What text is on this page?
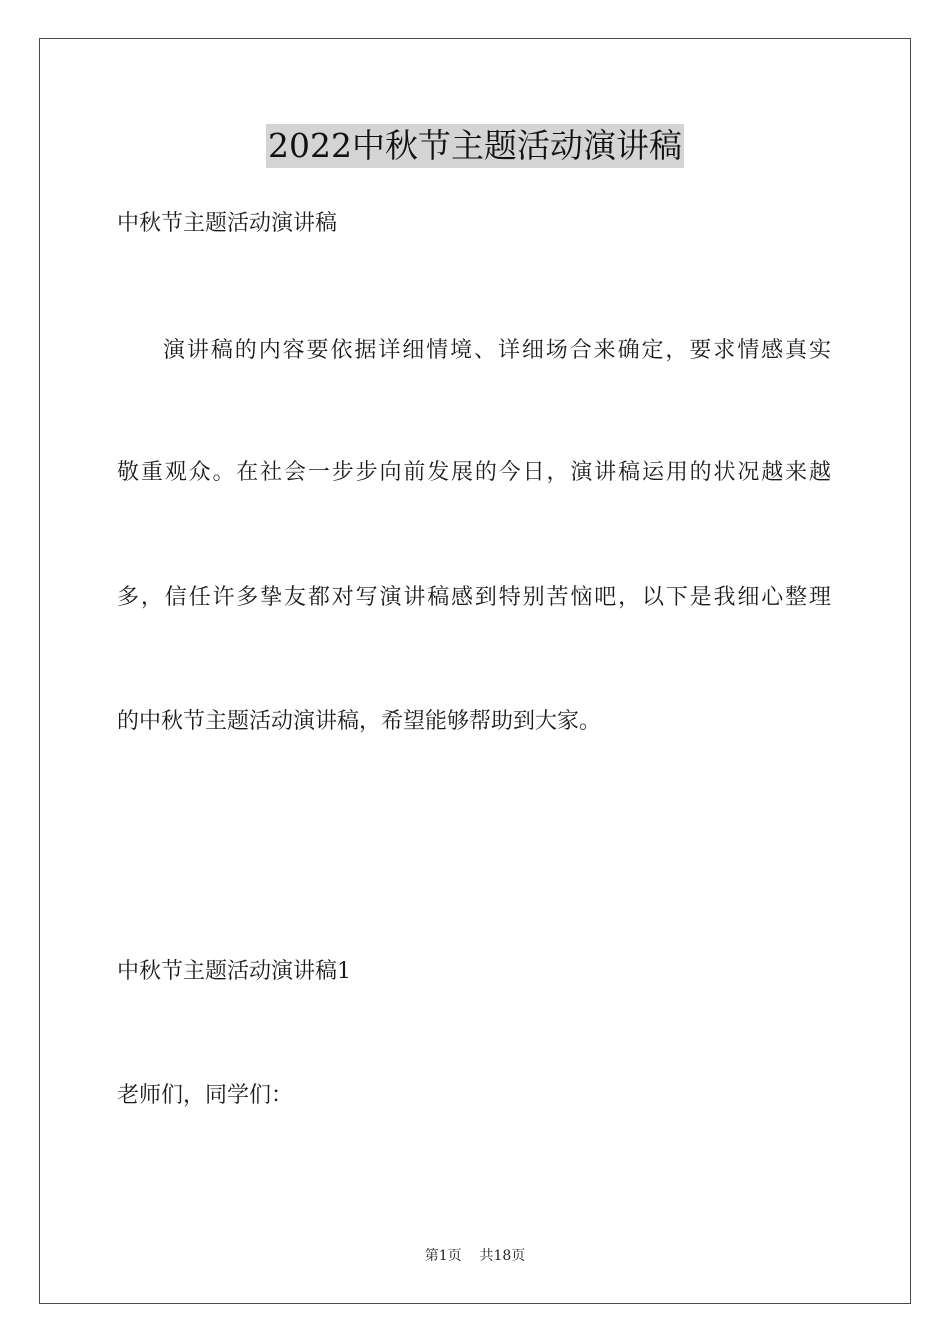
2022中秋节主题活动演讲稿
中秋节主题活动演讲稿
演讲稿的内容要依据详细情境、详细场合来确定，要求情感真实
敬重观众。在社会一步步向前发展的今日，演讲稿运用的状况越来越
多，信任许多挚友都对写演讲稿感到特别苦恼吧，以下是我细心整理
的中秋节主题活动演讲稿，希望能够帮助到大家。
中秋节主题活动演讲稿1
老师们，同学们：
第1页 共18页
